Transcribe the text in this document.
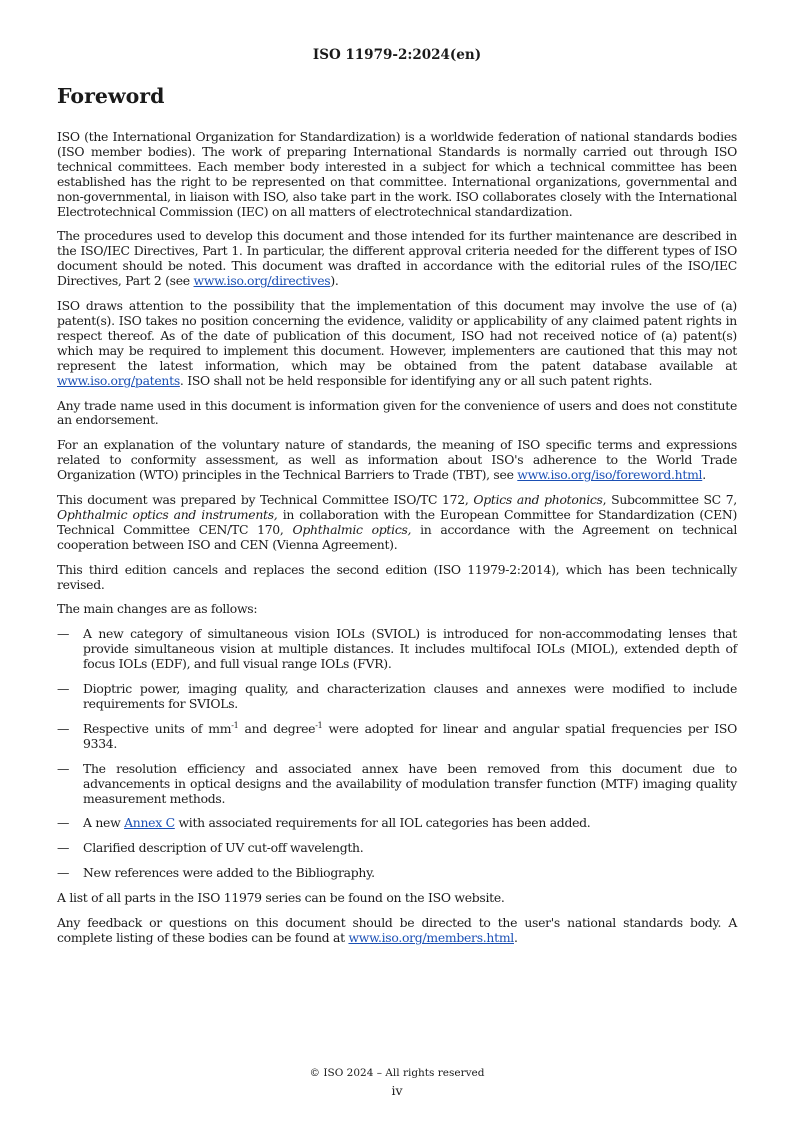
ISO 11979-2:2024(en)
Foreword

ISO (the International Organization for Standardization) is a worldwide federation of national standards bodies (ISO member bodies). The work of preparing International Standards is normally carried out through ISO technical committees. Each member body interested in a subject for which a technical committee has been established has the right to be represented on that committee. International organizations, governmental and non-governmental, in liaison with ISO, also take part in the work. ISO collaborates closely with the International Electrotechnical Commission (IEC) on all matters of electrotechnical standardization.

The procedures used to develop this document and those intended for its further maintenance are described in the ISO/IEC Directives, Part 1. In particular, the different approval criteria needed for the different types of ISO document should be noted. This document was drafted in accordance with the editorial rules of the ISO/IEC Directives, Part 2 (see www.iso.org/directives).

ISO draws attention to the possibility that the implementation of this document may involve the use of (a) patent(s). ISO takes no position concerning the evidence, validity or applicability of any claimed patent rights in respect thereof. As of the date of publication of this document, ISO had not received notice of (a) patent(s) which may be required to implement this document. However, implementers are cautioned that this may not represent the latest information, which may be obtained from the patent database available at www.iso.org/patents. ISO shall not be held responsible for identifying any or all such patent rights.

Any trade name used in this document is information given for the convenience of users and does not constitute an endorsement.

For an explanation of the voluntary nature of standards, the meaning of ISO specific terms and expressions related to conformity assessment, as well as information about ISO's adherence to the World Trade Organization (WTO) principles in the Technical Barriers to Trade (TBT), see www.iso.org/iso/foreword.html.

This document was prepared by Technical Committee ISO/TC 172, Optics and photonics, Subcommittee SC 7, Ophthalmic optics and instruments, in collaboration with the European Committee for Standardization (CEN) Technical Committee CEN/TC 170, Ophthalmic optics, in accordance with the Agreement on technical cooperation between ISO and CEN (Vienna Agreement).

This third edition cancels and replaces the second edition (ISO 11979-2:2014), which has been technically revised.

The main changes are as follows:

— A new category of simultaneous vision IOLs (SVIOL) is introduced for non-accommodating lenses that provide simultaneous vision at multiple distances. It includes multifocal IOLs (MIOL), extended depth of focus IOLs (EDF), and full visual range IOLs (FVR).
— Dioptric power, imaging quality, and characterization clauses and annexes were modified to include requirements for SVIOLs.
— Respective units of $mm^{-1}$ and degree$^{-1}$ were adopted for linear and angular spatial frequencies per ISO 9334.
— The resolution efficiency and associated annex have been removed from this document due to advancements in optical designs and the availability of modulation transfer function (MTF) imaging quality measurement methods.
— A new Annex C with associated requirements for all IOL categories has been added.
— Clarified description of UV cut-off wavelength.
— New references were added to the Bibliography.

A list of all parts in the ISO 11979 series can be found on the ISO website.

Any feedback or questions on this document should be directed to the user's national standards body. A complete listing of these bodies can be found at www.iso.org/members.html.

© ISO 2024 – All rights reserved
iv
